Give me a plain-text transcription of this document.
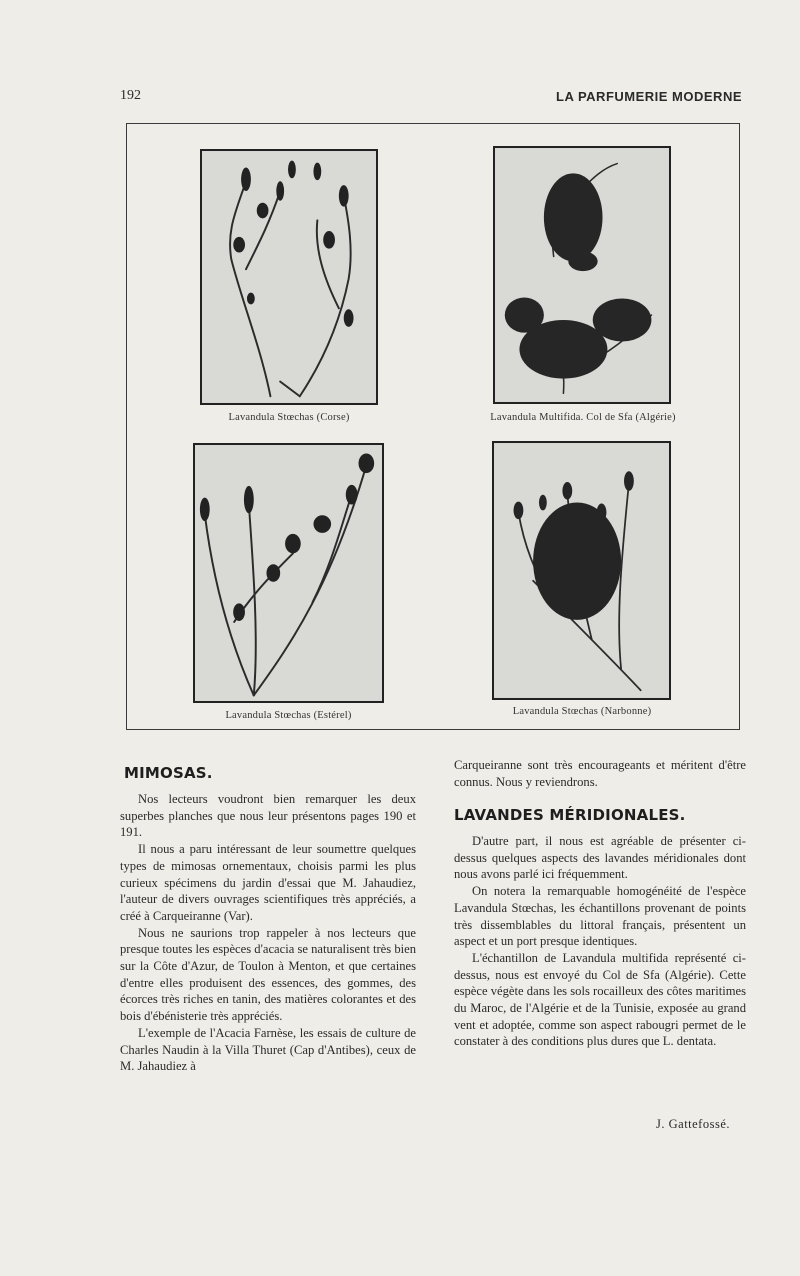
192	LA PARFUMERIE MODERNE
Lavandula Stœchas (Corse)	Lavandula Multifida. Col de Sfa (Algérie)
Lavandula Stœchas (Estérel)	Lavandula Stœchas (Narbonne)
MIMOSAS.

Nos lecteurs voudront bien remarquer les deux superbes planches que nous leur présentons pages 190 et 191.

Il nous a paru intéressant de leur soumettre quelques types de mimosas ornementaux, choisis parmi les plus curieux spécimens du jardin d'essai que M. Jahaudiez, l'auteur de divers ouvrages scientifiques très appréciés, a créé à Carqueiranne (Var).

Nous ne saurions trop rappeler à nos lecteurs que presque toutes les espèces d'acacia se naturalisent très bien sur la Côte d'Azur, de Toulon à Menton, et que certaines d'entre elles produisent des essences, des gommes, des écorces très riches en tanin, des matières colorantes et des bois d'ébénisterie très appréciés.

L'exemple de l'Acacia Farnèse, les essais de culture de Charles Naudin à la Villa Thuret (Cap d'Antibes), ceux de M. Jahaudiez à

Carqueiranne sont très encourageants et méritent d'être connus. Nous y reviendrons.

LAVANDES MÉRIDIONALES.

D'autre part, il nous est agréable de présenter ci-dessus quelques aspects des lavandes méridionales dont nous avons parlé ici fréquemment.

On notera la remarquable homogénéité de l'espèce Lavandula Stœchas, les échantillons provenant de points très dissemblables du littoral français, présentent un aspect et un port presque identiques.

L'échantillon de Lavandula multifida représenté ci-dessus, nous est envoyé du Col de Sfa (Algérie). Cette espèce végète dans les sols rocailleux des côtes maritimes du Maroc, de l'Algérie et de la Tunisie, exposée au grand vent et adoptée, comme son aspect rabougri permet de le constater à des conditions plus dures que L. dentata.

J. Gattefossé.
